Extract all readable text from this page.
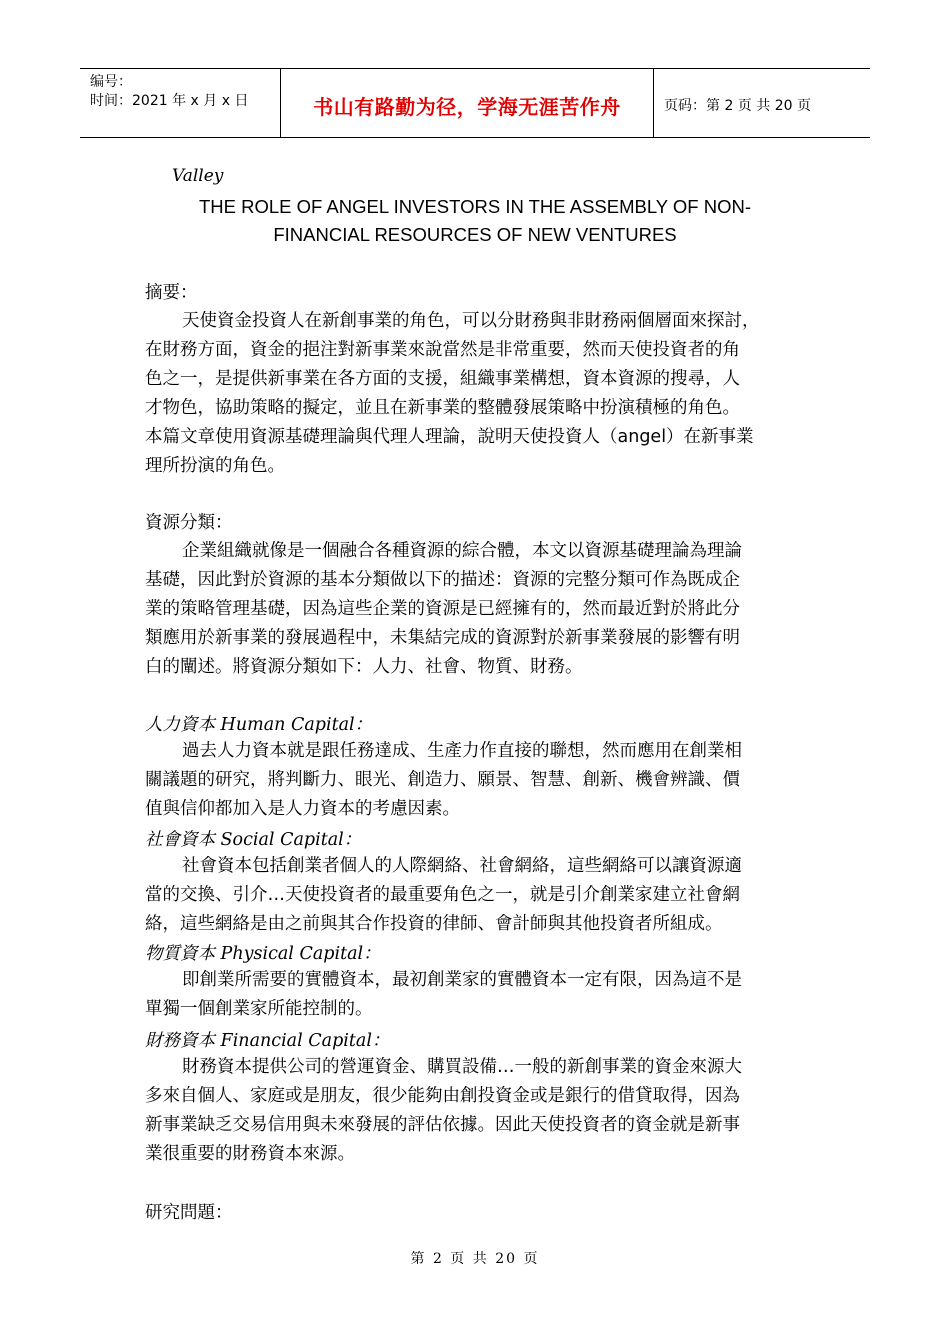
编号：
时间：2021 年 x 月 x 日	书山有路勤为径，学海无涯苦作舟	页码：第 2 页 共 20 页
Valley
THE ROLE OF ANGEL INVESTORS IN THE ASSEMBLY OF NON-
FINANCIAL RESOURCES OF NEW VENTURES
摘要：
天使資金投資人在新創事業的角色，可以分財務與非財務兩個層面來探討，
在財務方面，資金的挹注對新事業來說當然是非常重要，然而天使投資者的角
色之一，是提供新事業在各方面的支援，組織事業構想，資本資源的搜尋，人
才物色，協助策略的擬定，並且在新事業的整體發展策略中扮演積極的角色。
本篇文章使用資源基礎理論與代理人理論，說明天使投資人（angel）在新事業
理所扮演的角色。
資源分類：
企業組織就像是一個融合各種資源的綜合體，本文以資源基礎理論為理論
基礎，因此對於資源的基本分類做以下的描述：資源的完整分類可作為既成企
業的策略管理基礎，因為這些企業的資源是已經擁有的，然而最近對於將此分
類應用於新事業的發展過程中，未集結完成的資源對於新事業發展的影響有明
白的闡述。將資源分類如下：人力、社會、物質、財務。
人力資本 Human Capital：
過去人力資本就是跟任務達成、生產力作直接的聯想，然而應用在創業相
關議題的研究，將判斷力、眼光、創造力、願景、智慧、創新、機會辨識、價
值與信仰都加入是人力資本的考慮因素。
社會資本 Social Capital：
社會資本包括創業者個人的人際網絡、社會網絡，這些網絡可以讓資源適
當的交換、引介…天使投資者的最重要角色之一，就是引介創業家建立社會網
絡，這些網絡是由之前與其合作投資的律師、會計師與其他投資者所組成。
物質資本 Physical Capital：
即創業所需要的實體資本，最初創業家的實體資本一定有限，因為這不是
單獨一個創業家所能控制的。
財務資本 Financial Capital：
財務資本提供公司的營運資金、購買設備…一般的新創事業的資金來源大
多來自個人、家庭或是朋友，很少能夠由創投資金或是銀行的借貸取得，因為
新事業缺乏交易信用與未來發展的評估依據。因此天使投資者的資金就是新事
業很重要的財務資本來源。
研究問題：
第 2 页 共 20 页
